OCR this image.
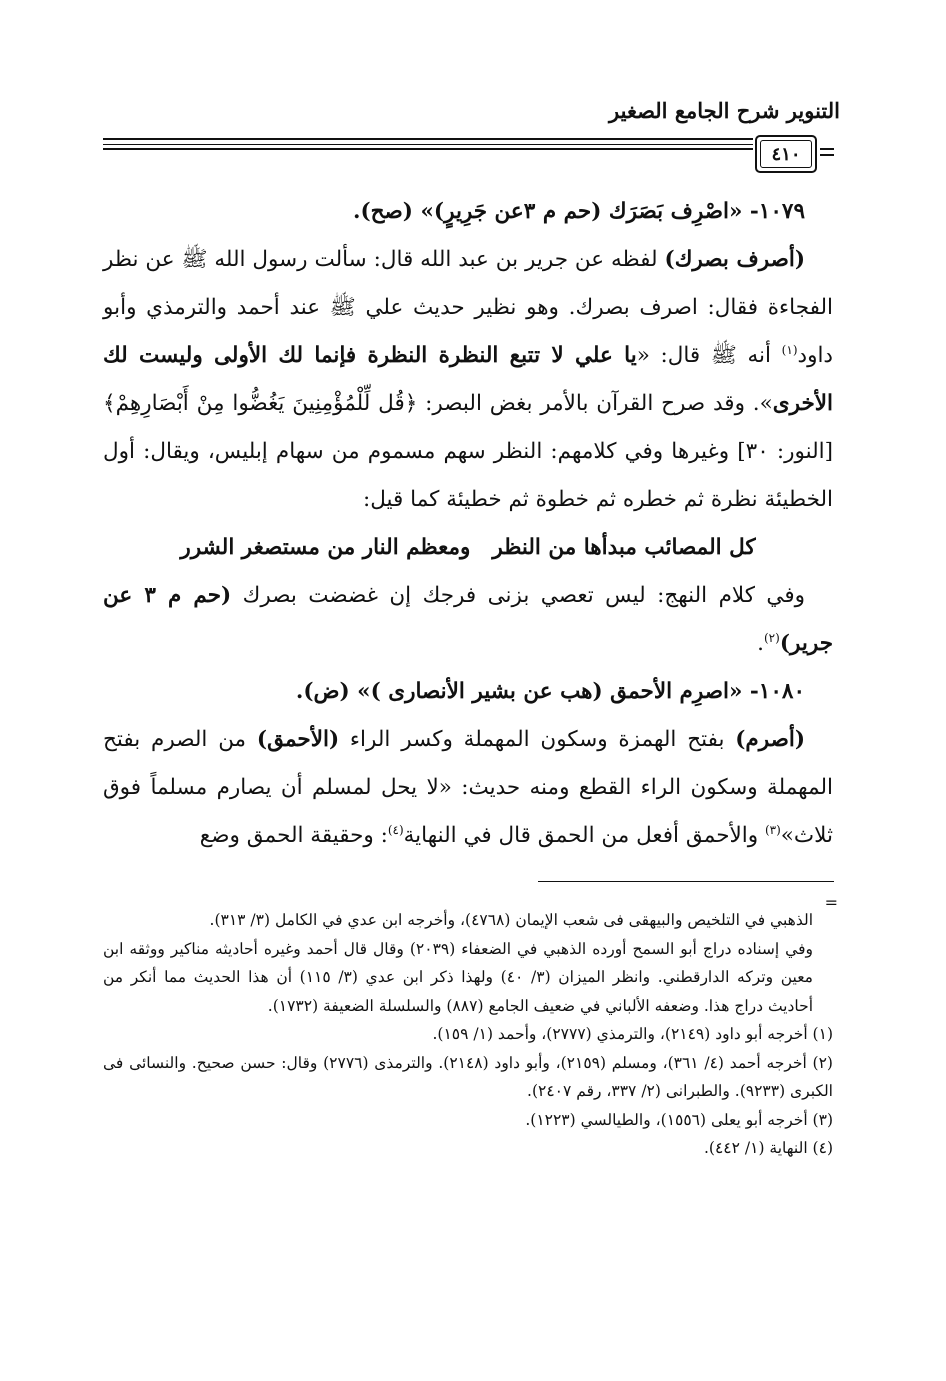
التنوير شرح الجامع الصغير
٤١٠

١٠٧٩- «اصْرِف بَصَرَك (حم م ٣عن جَرِيرٍ)» (صح).

(أصرف بصرك) لفظه عن جرير بن عبد الله قال: سألت رسول الله ﷺ عن نظر الفجاءة فقال: اصرف بصرك. وهو نظير حديث علي ﷺ عند أحمد والترمذي وأبو داود$^{(١)}$ أنه ﷺ قال: «يا علي لا تتبع النظرة النظرة فإنما لك الأولى وليست لك الأخرى». وقد صرح القرآن بالأمر بغض البصر: ﴿قُل لِّلْمُؤْمِنِينَ يَغُضُّوا مِنْ أَبْصَارِهِمْ﴾ [النور: ٣٠] وغيرها وفي كلامهم: النظر سهم مسموم من سهام إبليس، ويقال: أول الخطيئة نظرة ثم خطره ثم خطوة ثم خطيئة كما قيل:

كل المصائب مبدأها من النظر
ومعظم النار من مستصغر الشرر

وفي كلام النهج: ليس تعصي بزنى فرجك إن غضضت بصرك (حم م ٣ عن جرير)$^{(٢)}$.

١٠٨٠- «اصرِم الأحمق (هب عن بشير الأنصارى )» (ض).

(أصرم) بفتح الهمزة وسكون المهملة وكسر الراء (الأحمق) من الصرم بفتح المهملة وسكون الراء القطع ومنه حديث: «لا يحل لمسلم أن يصارم مسلماً فوق ثلاث»$^{(٣)}$ والأحمق أفعل من الحمق قال في النهاية$^{(٤)}$: وحقيقة الحمق وضع

=

الذهبي في التلخيص والبيهقى فى شعب الإيمان (٤٧٦٨)، وأخرجه ابن عدي في الكامل (٣/ ٣١٣).

وفي إسناده دراج أبو السمح أورده الذهبي في الضعفاء (٢٠٣٩) وقال قال أحمد وغيره أحاديثه مناكير ووثقه ابن معين وتركه الدارقطني. وانظر الميزان (٣/ ٤٠) ولهذا ذكر ابن عدي (٣/ ١١٥) أن هذا الحديث مما أنكر من أحاديث دراج هذا. وضعفه الألباني في ضعيف الجامع (٨٨٧) والسلسلة الضعيفة (١٧٣٢).

(١) أخرجه أبو داود (٢١٤٩)، والترمذي (٢٧٧٧)، وأحمد (١/ ١٥٩).

(٢) أخرجه أحمد (٤/ ٣٦١)، ومسلم (٢١٥٩)، وأبو داود (٢١٤٨). والترمذى (٢٧٧٦) وقال: حسن صحيح. والنسائى فى الكبرى (٩٢٣٣). والطبرانى (٢/ ٣٣٧، رقم ٢٤٠٧).

(٣) أخرجه أبو يعلى (١٥٥٦)، والطيالسي (١٢٢٣).

(٤) النهاية (١/ ٤٤٢).
